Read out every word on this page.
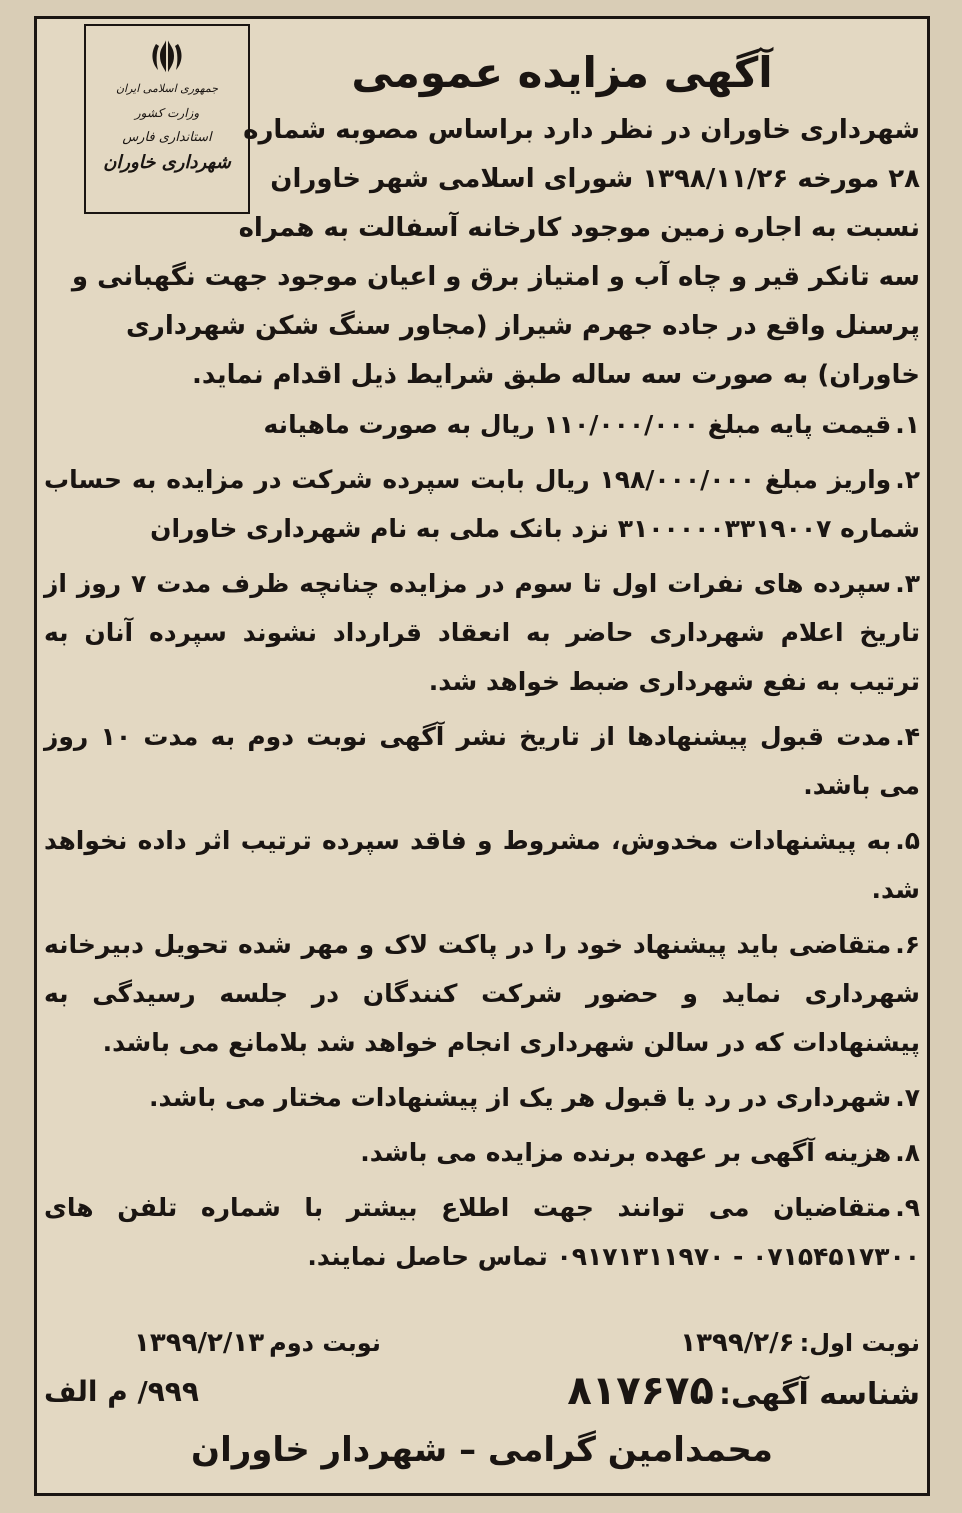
جمهوری اسلامی ایران
وزارت کشور
استانداری فارس
شهرداری خاوران
آگهی مزایده عمومی
شهرداری خاوران در نظر دارد براساس مصوبه شماره
۲۸ مورخه ۱۳۹۸/۱۱/۲۶ شورای اسلامی شهر خاوران
نسبت به اجاره زمین موجود کارخانه آسفالت به همراه
سه تانکر قیر و چاه آب و امتیاز برق و اعیان موجود جهت نگهبانی و
پرسنل واقع در جاده جهرم شیراز (مجاور سنگ شکن شهرداری
خاوران) به صورت سه ساله طبق شرایط ذیل اقدام نماید.
۱.قیمت پایه مبلغ ۱۱۰/۰۰۰/۰۰۰ ریال به صورت ماهیانه
۲.واریز مبلغ ۱۹۸/۰۰۰/۰۰۰ ریال بابت سپرده شرکت در مزایده به حساب شماره ۳۱۰۰۰۰۰۳۳۱۹۰۰۷ نزد بانک ملی به نام شهرداری خاوران
۳.سپرده های نفرات اول تا سوم در مزایده چنانچه ظرف مدت ۷ روز از تاریخ اعلام شهرداری حاضر به انعقاد قرارداد نشوند سپرده آنان به ترتیب به نفع شهرداری ضبط خواهد شد.
۴.مدت قبول پیشنهادها از تاریخ نشر آگهی نوبت دوم به مدت ۱۰ روز می باشد.
۵.به پیشنهادات مخدوش، مشروط و فاقد سپرده ترتیب اثر داده نخواهد شد.
۶.متقاضی باید پیشنهاد خود را در پاکت لاک و مهر شده تحویل دبیرخانه شهرداری نماید و حضور شرکت کنندگان در جلسه رسیدگی به پیشنهادات که در سالن شهرداری انجام خواهد شد بلامانع می باشد.
۷.شهرداری در رد یا قبول هر یک از پیشنهادات مختار می باشد.
۸.هزینه آگهی بر عهده برنده مزایده می باشد.
۹.متقاضیان می توانند جهت اطلاع بیشتر با شماره تلفن های ۰۷۱۵۴۵۱۷۳۰۰ - ۰۹۱۷۱۳۱۱۹۷۰ تماس حاصل نمایند.
نوبت اول: ۱۳۹۹/۲/۶
نوبت دوم ۱۳۹۹/۲/۱۳
شناسه آگهی: ۸۱۷۶۷۵
۹۹۹/ م الف
محمدامین گرامی – شهردار خاوران
